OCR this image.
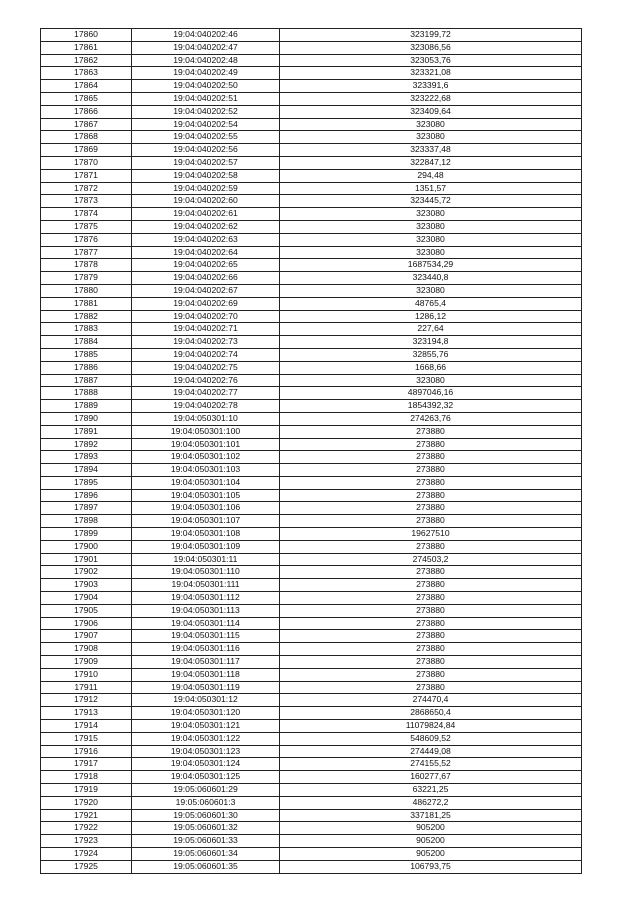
17860	19:04:040202:46	323199,72
17861	19:04:040202:47	323086,56
17862	19:04:040202:48	323053,76
17863	19:04:040202:49	323321,08
17864	19:04:040202:50	323391,6
17865	19:04:040202:51	323222,68
17866	19:04:040202:52	323409,64
17867	19:04:040202:54	323080
17868	19:04:040202:55	323080
17869	19:04:040202:56	323337,48
17870	19:04:040202:57	322847,12
17871	19:04:040202:58	294,48
17872	19:04:040202:59	1351,57
17873	19:04:040202:60	323445,72
17874	19:04:040202:61	323080
17875	19:04:040202:62	323080
17876	19:04:040202:63	323080
17877	19:04:040202:64	323080
17878	19:04:040202:65	1687534,29
17879	19:04:040202:66	323440,8
17880	19:04:040202:67	323080
17881	19:04:040202:69	48765,4
17882	19:04:040202:70	1286,12
17883	19:04:040202:71	227,64
17884	19:04:040202:73	323194,8
17885	19:04:040202:74	32855,76
17886	19:04:040202:75	1668,66
17887	19:04:040202:76	323080
17888	19:04:040202:77	4897046,16
17889	19:04:040202:78	1854392,32
17890	19:04:050301:10	274263,76
17891	19:04:050301:100	273880
17892	19:04:050301:101	273880
17893	19:04:050301:102	273880
17894	19:04:050301:103	273880
17895	19:04:050301:104	273880
17896	19:04:050301:105	273880
17897	19:04:050301:106	273880
17898	19:04:050301:107	273880
17899	19:04:050301:108	19627510
17900	19:04:050301:109	273880
17901	19:04:050301:11	274503,2
17902	19:04:050301:110	273880
17903	19:04:050301:111	273880
17904	19:04:050301:112	273880
17905	19:04:050301:113	273880
17906	19:04:050301:114	273880
17907	19:04:050301:115	273880
17908	19:04:050301:116	273880
17909	19:04:050301:117	273880
17910	19:04:050301:118	273880
17911	19:04:050301:119	273880
17912	19:04:050301:12	274470,4
17913	19:04:050301:120	2868650,4
17914	19:04:050301:121	11079824,84
17915	19:04:050301:122	548609,52
17916	19:04:050301:123	274449,08
17917	19:04:050301:124	274155,52
17918	19:04:050301:125	160277,67
17919	19:05:060601:29	63221,25
17920	19:05:060601:3	486272,2
17921	19:05:060601:30	337181,25
17922	19:05:060601:32	905200
17923	19:05:060601:33	905200
17924	19:05:060601:34	905200
17925	19:05:060601:35	106793,75
